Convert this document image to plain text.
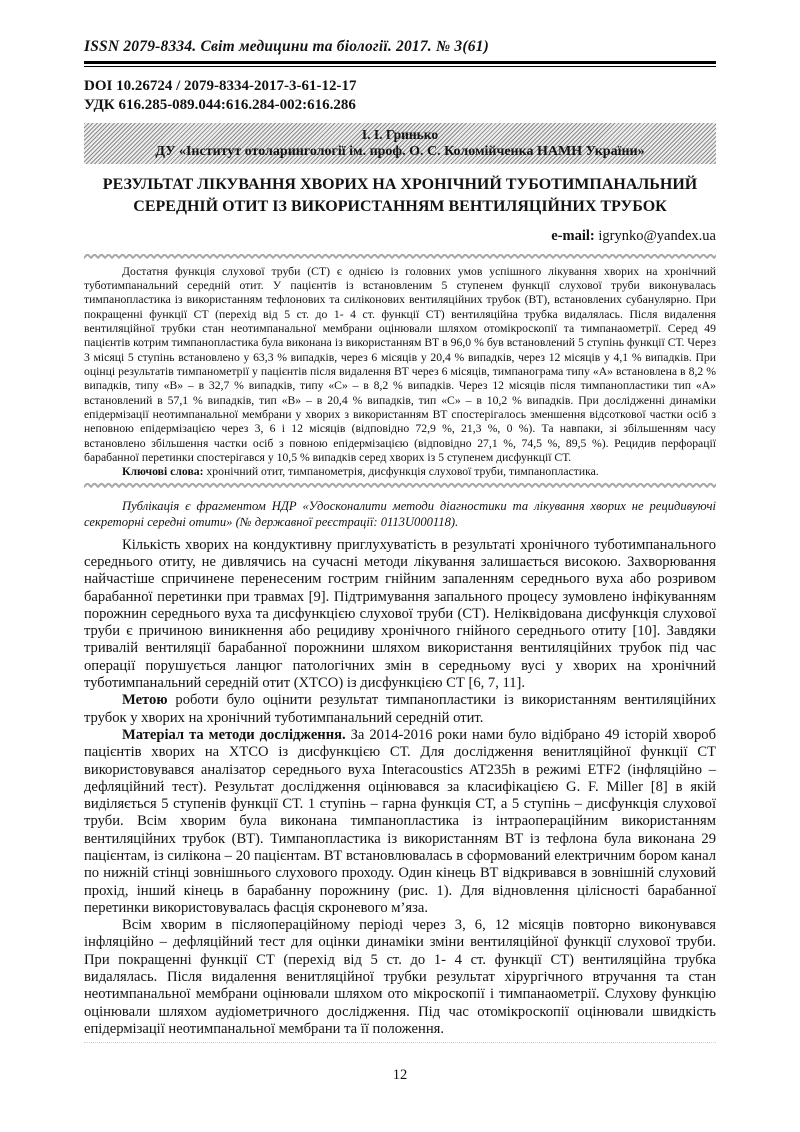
ISSN 2079-8334. Світ медицини та біології. 2017. № 3(61)
DOI 10.26724 / 2079-8334-2017-3-61-12-17
УДК 616.285-089.044:616.284-002:616.286
І. І. Гринько
ДУ «Інститут отоларингології ім. проф. О. С. Коломійченка НАМН України»
РЕЗУЛЬТАТ ЛІКУВАННЯ ХВОРИХ НА ХРОНІЧНИЙ ТУБОТИМПАНАЛЬНИЙ
СЕРЕДНІЙ ОТИТ ІЗ ВИКОРИСТАННЯМ ВЕНТИЛЯЦІЙНИХ ТРУБОК
e-mail: igrynko@yandex.ua

Достатня функція слухової труби (СТ) є однією із головних умов успішного лікування хворих на хронічний туботимпанальний середній отит. У пацієнтів із встановленим 5 ступенем функції слухової труби виконувалась тимпанопластика із використанням тефлонових та силіконових вентиляційних трубок (ВТ), встановлених субанулярно. При покращенні функції СТ (перехід від 5 ст. до 1- 4 ст. функції СТ) вентиляційна трубка видалялась. Після видалення вентиляційної трубки стан неотимпанальної мембрани оцінювали шляхом отомікроскопії та тимпанаометрії. Серед 49 пацієнтів котрим тимпанопластика була виконана із використанням ВТ в 96,0 % був встановлений 5 ступінь функції СТ. Через 3 місяці 5 ступінь встановлено у 63,3 % випадків, через 6 місяців у 20,4 % випадків, через 12 місяців у 4,1 % випадків. При оцінці результатів тимпанометрії у пацієнтів після видалення ВТ через 6 місяців, тимпанограма типу «А» встановлена в 8,2 % випадків, типу «В» – в 32,7 % випадків, типу «С» – в 8,2 % випадків. Через 12 місяців після тимпанопластики тип «А» встановлений в 57,1 % випадків, тип «В» – в 20,4 % випадків, тип «С» – в 10,2 % випадків. При дослідженні динаміки епідермізації неотимпанальної мембрани у хворих з використанням ВТ спостерігалось зменшення відсоткової частки осіб з неповною епідермізацією через 3, 6 і 12 місяців (відповідно 72,9 %, 21,3 %, 0 %). Та навпаки, зі збільшенням часу встановлено збільшення частки осіб з повною епідермізацією (відповідно 27,1 %, 74,5 %, 89,5 %). Рецидив перфорації барабанної перетинки спостерігався у 10,5 % випадків серед хворих із 5 ступенем дисфункції СТ.

Ключові слова: хронічний отит, тимпанометрія, дисфункція слухової труби, тимпанопластика.

Публікація є фрагментом НДР «Удосконалити методи діагностики та лікування хворих не рецидивуючі секреторні середні отити» (№ державної реєстрації: 0113U000118).

Кількість хворих на кондуктивну приглухуватість в результаті хронічного туботимпанального середнього отиту, не дивлячись на сучасні методи лікування залишається високою. Захворювання найчастіше спричинене перенесеним гострим гнійним запаленням середнього вуха або розривом барабанної перетинки при травмах [9]. Підтримування запального процесу зумовлено інфікуванням порожнин середнього вуха та дисфункцією слухової труби (СТ). Неліквідована дисфункція слухової труби є причиною виникнення або рецидиву хронічного гнійного середнього отиту [10]. Завдяки тривалій вентиляції барабанної порожнини шляхом використання вентиляційних трубок під час операції порушується ланцюг патологічних змін в середньому вусі у хворих на хронічний туботимпанальний середній отит (ХТСО) із дисфункцією СТ [6, 7, 11].

Метою роботи було оцінити результат тимпанопластики із використанням вентиляційних трубок у хворих на хронічний туботимпанальний середній отит.

Матеріал та методи дослідження. За 2014-2016 роки нами було відібрано 49 історій хвороб пацієнтів хворих на ХТСО із дисфункцією СТ. Для дослідження венитляційної функції СТ використовувався аналізатор середнього вуха Interacoustics AT235h в режимі ETF2 (інфляційно – дефляційний тест). Результат дослідження оцінювався за класифікацією G. F. Miller [8] в якій виділяється 5 ступенів функції СТ. 1 ступінь – гарна функція СТ, а 5 ступінь – дисфункція слухової труби. Всім хворим була виконана тимпанопластика із інтраопераційним використанням вентиляційних трубок (ВТ). Тимпанопластика із використанням ВТ із тефлона була виконана 29 пацієнтам, із силікона – 20 пацієнтам. ВТ встановлювалась в сформований електричним бором канал по нижній стінці зовнішнього слухового проходу. Один кінець ВТ відкривався в зовнішній слуховий прохід, інший кінець в барабанну порожнину (рис. 1). Для відновлення цілісності барабанної перетинки використовувалась фасція скроневого м’яза.

Всім хворим в післяопераційному періоді через 3, 6, 12 місяців повторно виконувався інфляційно – дефляційний тест для оцінки динаміки зміни вентиляційної функції слухової труби. При покращенні функції СТ (перехід від 5 ст. до 1- 4 ст. функції СТ) вентиляційна трубка видалялась. Після видалення венитляційної трубки результат хірургічного втручання та стан неотимпанальної мембрани оцінювали шляхом ото мікроскопії і тимпанаометрії. Слухову функцію оцінювали шляхом аудіометричного дослідження. Під час отомікроскопії оцінювали швидкість епідермізації неотимпанальної мембрани та її положення.

12
